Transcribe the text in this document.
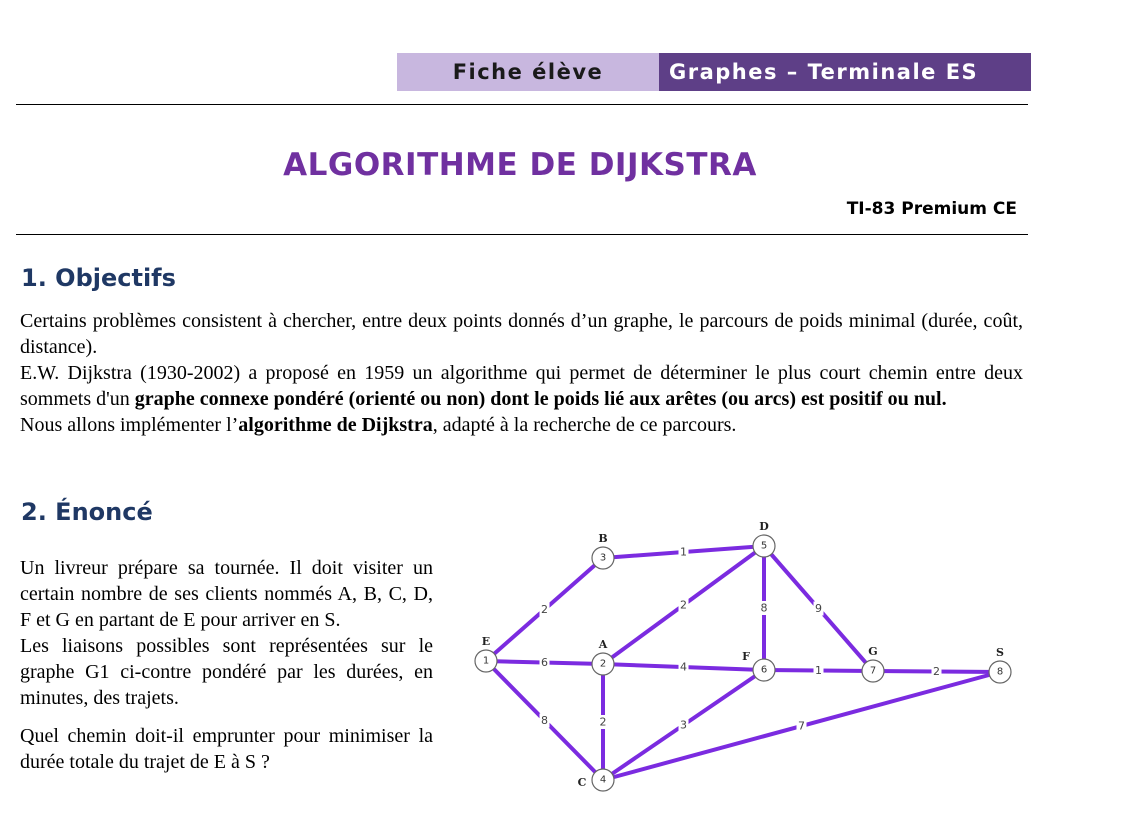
Fiche élève	Graphes – Terminale ES
ALGORITHME DE DIJKSTRA
TI-83 Premium CE
1. Objectifs

Certains problèmes consistent à chercher, entre deux points donnés d’un graphe, le parcours de poids minimal (durée, coût, distance).

E.W. Dijkstra (1930-2002) a proposé en 1959 un algorithme qui permet de déterminer le plus court chemin entre deux sommets d'un graphe connexe pondéré (orienté ou non) dont le poids lié aux arêtes (ou arcs) est positif ou nul.

Nous allons implémenter l’algorithme de Dijkstra, adapté à la recherche de ce parcours.

2. Énoncé

Un livreur prépare sa tournée. Il doit visiter un certain nombre de ses clients nommés A, B, C, D, F et G en partant de E pour arriver en S.

Les liaisons possibles sont représentées sur le graphe G1 ci-contre pondéré par les durées, en minutes, des trajets.

Quel chemin doit-il emprunter pour minimiser la durée totale du trajet de E à S ?

2
6
8
1
2
4
2
8	9
1	2
3	7
1
E
2
A
3
B
4
C
5
D
6
F
7
G
8
S
